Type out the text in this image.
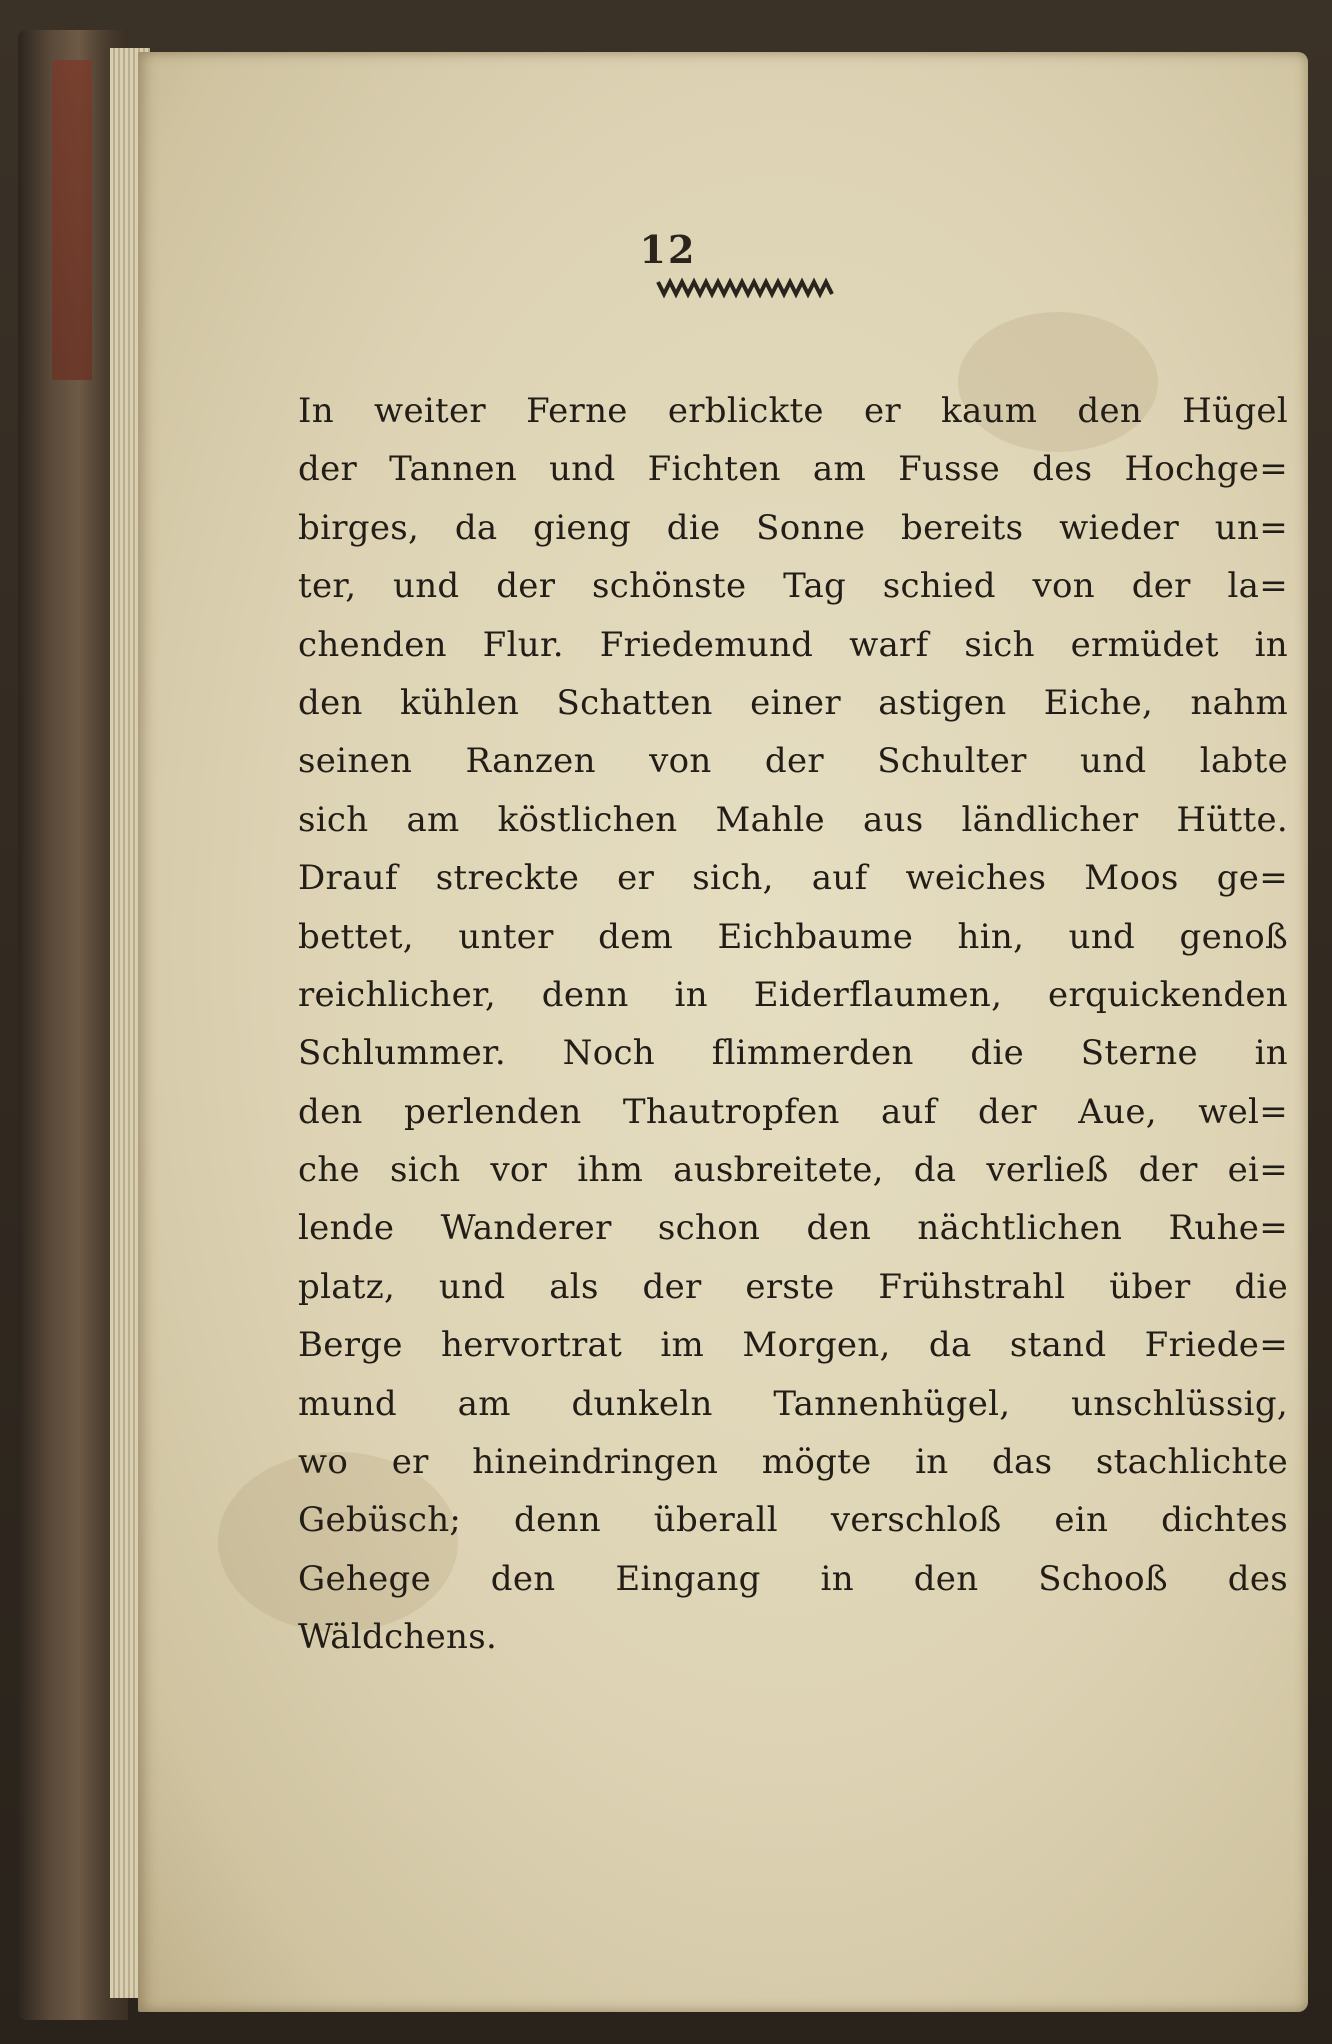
12
In weiter Ferne erblickte er kaum den Hügel
der Tannen und Fichten am Fusse des Hochge=
birges, da gieng die Sonne bereits wieder un=
ter, und der schönste Tag schied von der la=
chenden Flur. Friedemund warf sich ermüdet in
den kühlen Schatten einer astigen Eiche, nahm
seinen Ranzen von der Schulter und labte
sich am köstlichen Mahle aus ländlicher Hütte.
Drauf streckte er sich, auf weiches Moos ge=
bettet, unter dem Eichbaume hin, und genoß
reichlicher, denn in Eiderflaumen, erquickenden
Schlummer. Noch flimmerden die Sterne in
den perlenden Thautropfen auf der Aue, wel=
che sich vor ihm ausbreitete, da verließ der ei=
lende Wanderer schon den nächtlichen Ruhe=
platz, und als der erste Frühstrahl über die
Berge hervortrat im Morgen, da stand Friede=
mund am dunkeln Tannenhügel, unschlüssig,
wo er hineindringen mögte in das stachlichte
Gebüsch; denn überall verschloß ein dichtes
Gehege den Eingang in den Schooß des
Wäldchens.
